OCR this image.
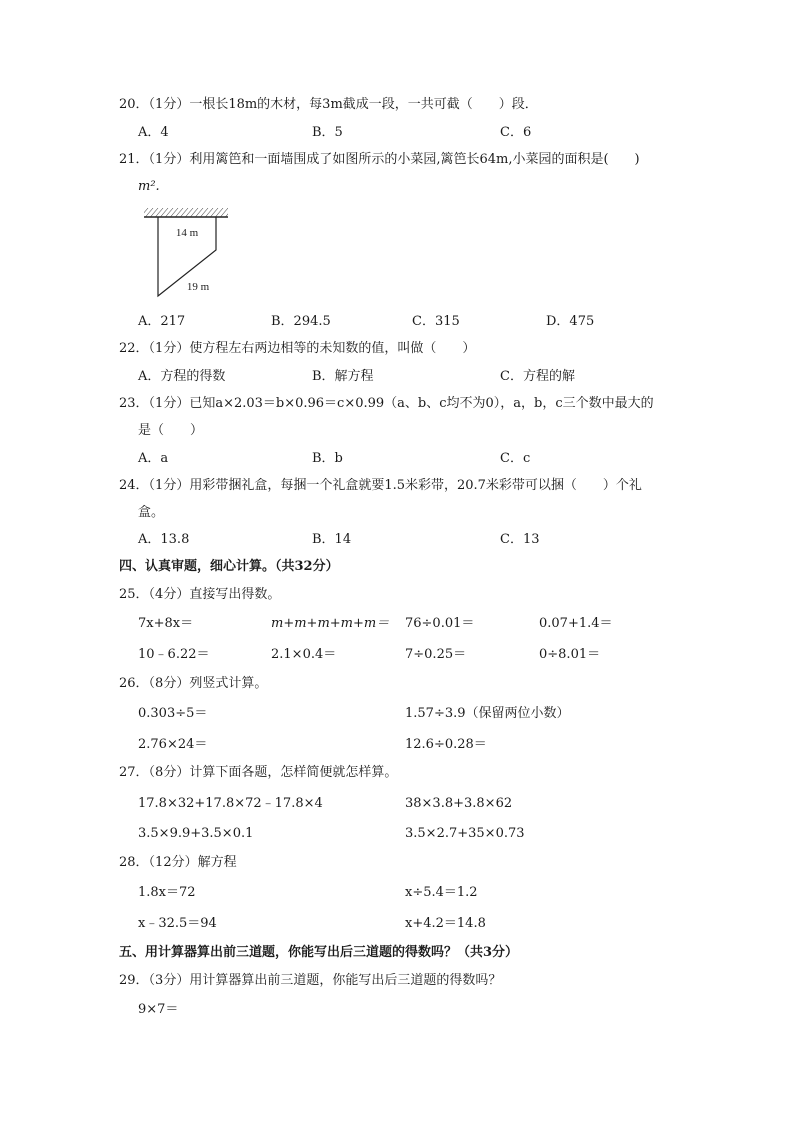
20．（1分）一根长18m的木材，每3m截成一段，一共可截（　　）段．
A．4	B．5	C．6
21．（1分）利用篱笆和一面墙围成了如图所示的小菜园,篱笆长64m,小菜园的面积是(　　)
m².
14 m
19 m
A．217	B．294.5	C．315	D．475
22．（1分）使方程左右两边相等的未知数的值，叫做（　　）
A．方程的得数	B．解方程	C．方程的解
23．（1分）已知a×2.03＝b×0.96＝c×0.99（a、b、c均不为0），a，b，c三个数中最大的
是（　　）
A．a	B．b	C．c
24．（1分）用彩带捆礼盒，每捆一个礼盒就要1.5米彩带，20.7米彩带可以捆（　　）个礼
盒。
A．13.8	B．14	C．13
四、认真审题，细心计算。（共32分）
25．（4分）直接写出得数。
7x+8x＝	m+m+m+m+m＝ 76÷0.01＝	0.07+1.4＝
10﹣6.22＝	2.1×0.4＝	7÷0.25＝	0÷8.01＝
26．（8分）列竖式计算。
0.303÷5＝	1.57÷3.9（保留两位小数）
2.76×24＝	12.6÷0.28＝
27．（8分）计算下面各题，怎样简便就怎样算。
17.8×32+17.8×72﹣17.8×4	38×3.8+3.8×62
3.5×9.9+3.5×0.1	3.5×2.7+35×0.73
28．（12分）解方程
1.8x＝72	x÷5.4＝1.2
x﹣32.5＝94	x+4.2＝14.8
五、用计算器算出前三道题，你能写出后三道题的得数吗？（共3分）
29．（3分）用计算器算出前三道题，你能写出后三道题的得数吗？
9×7＝
